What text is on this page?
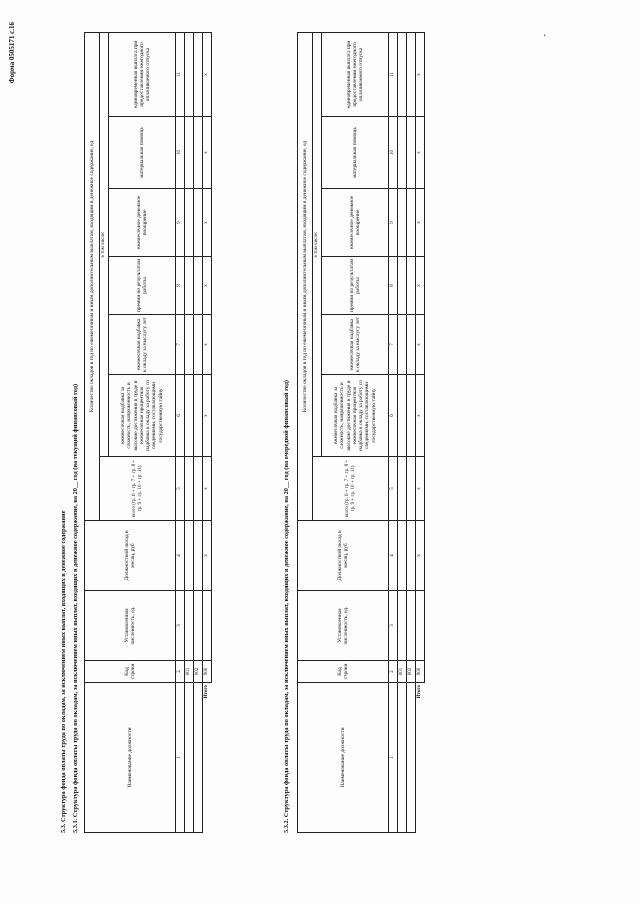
Форма 0505171 с.16
5.3. Структура фонда оплаты труда по окладам, за исключением иных выплат, входящих в денежное содержание 5.3.1. Структура фонда оплаты труда по окладам, за исключением иных выплат, входящих в денежное содержание, на 20__ год (на текущий финансовый год)	Наименование должности	Код строки	Установленная численность, ед.	Должностной оклад в месяц, руб	Количество окладов в год по ежемесячным и иным дополнительным выплатам, входящим в денежное содержание, ед						
				всего (гр. 6 + гр. 7 + гр. 8 + гр. 9 + гр. 10 + гр. 11)	в том числе:					
					ежемесячная надбавка за сложность, напряженность и высокие достижения в труде и ежемесячная процентная надбавка к окладу за работу со сведениями, составляющими государственную тайну	ежемесячная надбавка к окладу за выслугу лет	премии по результатам работы	ежемесячное денежное поощрение	материальная помощь	единовременная выплата при предоставлении ежегодного оплачиваемого отпуска
1	2	3	4	5	6	7	8	9	10	11
	001									
	002									
Итого	900		х	х	х	х	х	х	х	х
5.3.2. Структура фонда оплаты труда по окладам, за исключением иных выплат, входящих в денежное содержание, на 20__ год (на очередной финансовый год)	Наименование должности	Код строки	Установленная численность, ед.	Должностной оклад в месяц, руб	Количество окладов в год по ежемесячным и иным дополнительным выплатам, входящим в денежное содержание, ед						
				всего (гр. 6 + гр. 7 + гр. 8 + гр. 9 + гр. 10 + гр. 11)	в том числе:					
					ежемесячная надбавка за сложность, напряженность и высокие достижения в труде и ежемесячная процентная надбавка к окладу за работу со сведениями, составляющими государственную тайну	ежемесячная надбавка к окладу за выслугу лет	премии по результатам работы	ежемесячное денежное поощрение	материальная помощь	единовременная выплата при предоставлении ежегодного оплачиваемого отпуска
1	2	3	4	5	6	7	8	9	10	11
	001									
	002									
Итого	900		х	х	х	х	х	х	х	х
-
